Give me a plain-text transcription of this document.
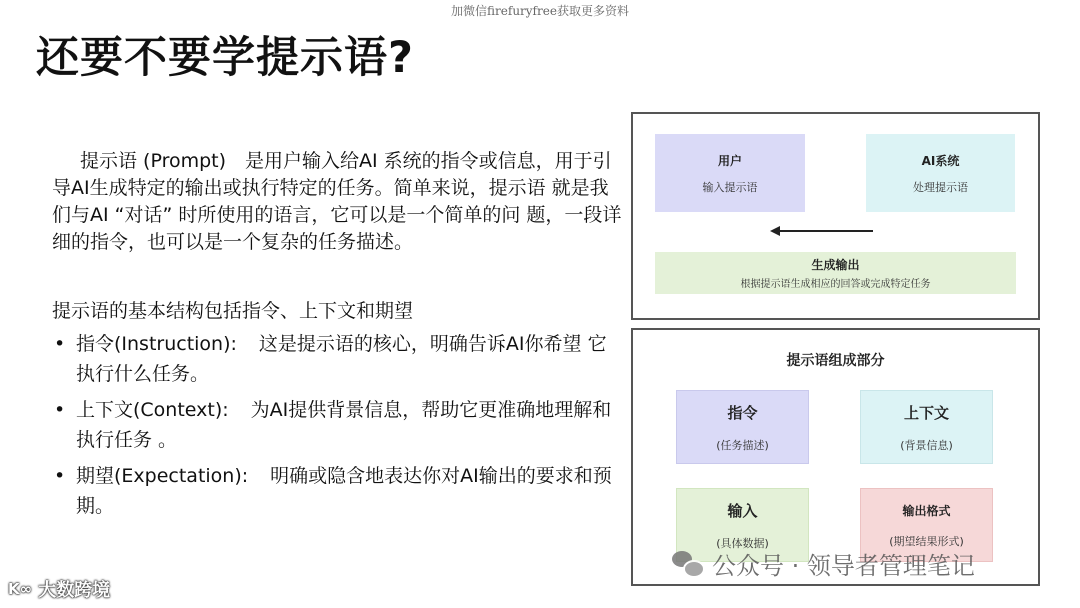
加微信firefuryfree获取更多资料
还要不要学提示语?

提示语 (Prompt)　是用户输入给AI 系统的指令或信息，用于引导AI生成特定的输出或执行特定的任务。简单来说，提示语 就是我们与AI “对话” 时所使用的语言，它可以是一个简单的问 题，一段详细的指令，也可以是一个复杂的任务描述。

提示语的基本结构包括指令、上下文和期望

• 指令(Instruction): 这是提示语的核心，明确告诉AI你希望 它执行什么任务。
• 上下文(Context): 为AI提供背景信息，帮助它更准确地理解和执行任务 。
• 期望(Expectation): 明确或隐含地表达你对AI输出的要求和预期。
用户
输入提示语
AI系统
处理提示语
生成输出
根据提示语生成相应的回答或完成特定任务
提示语组成部分
指令
(任务描述)
上下文
(背景信息)
输入
(具体数据)
输出格式
(期望结果形式)
公众号 · 领导者管理笔记
K∞ 大数跨境
